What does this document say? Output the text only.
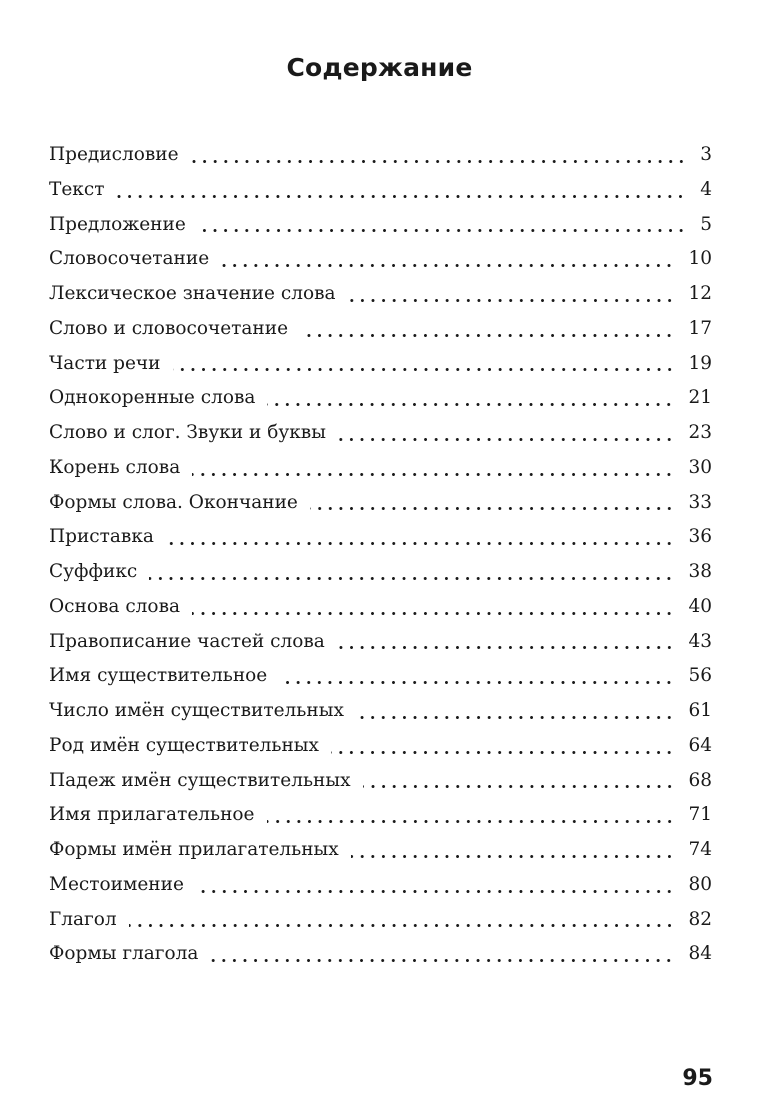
Содержание
Предисловие	3
Текст	4
Предложение	5
Словосочетание	10
Лексическое значение слова	12
Слово и словосочетание	17
Части речи	19
Однокоренные слова	21
Слово и слог. Звуки и буквы	23
Корень слова	30
Формы слова. Окончание	33
Приставка	36
Суффикс	38
Основа слова	40
Правописание частей слова	43
Имя существительное	56
Число имён существительных	61
Род имён существительных	64
Падеж имён существительных	68
Имя прилагательное	71
Формы имён прилагательных	74
Местоимение	80
Глагол	82
Формы глагола	84
95
